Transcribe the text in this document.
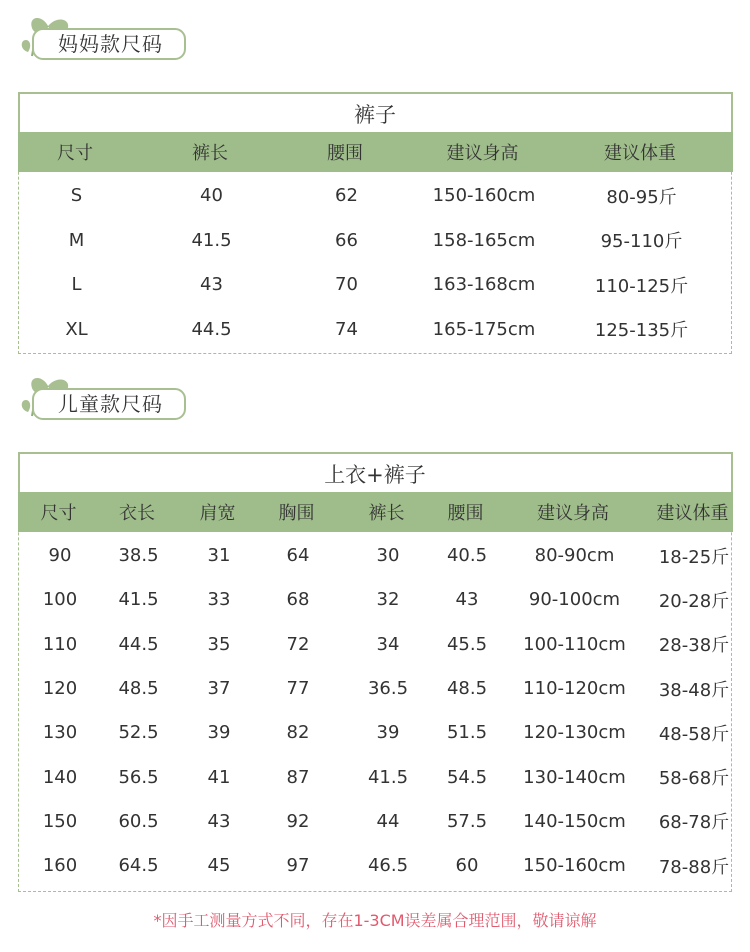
妈妈款尺码
裤子
尺寸	裤长	腰围	建议身高	建议体重
S	40	62	150-160cm	80-95斤
M	41.5	66	158-165cm	95-110斤
L	43	70	163-168cm	110-125斤
XL	44.5	74	165-175cm	125-135斤
儿童款尺码
上衣+裤子
尺寸	衣长	肩宽	胸围	裤长	腰围	建议身高	建议体重
90	38.5	31	64	30	40.5	80-90cm	18-25斤
100	41.5	33	68	32	43	90-100cm	20-28斤
110	44.5	35	72	34	45.5	100-110cm	28-38斤
120	48.5	37	77	36.5	48.5	110-120cm	38-48斤
130	52.5	39	82	39	51.5	120-130cm	48-58斤
140	56.5	41	87	41.5	54.5	130-140cm	58-68斤
150	60.5	43	92	44	57.5	140-150cm	68-78斤
160	64.5	45	97	46.5	60	150-160cm	78-88斤
*因手工测量方式不同，存在1-3CM误差属合理范围，敬请谅解
